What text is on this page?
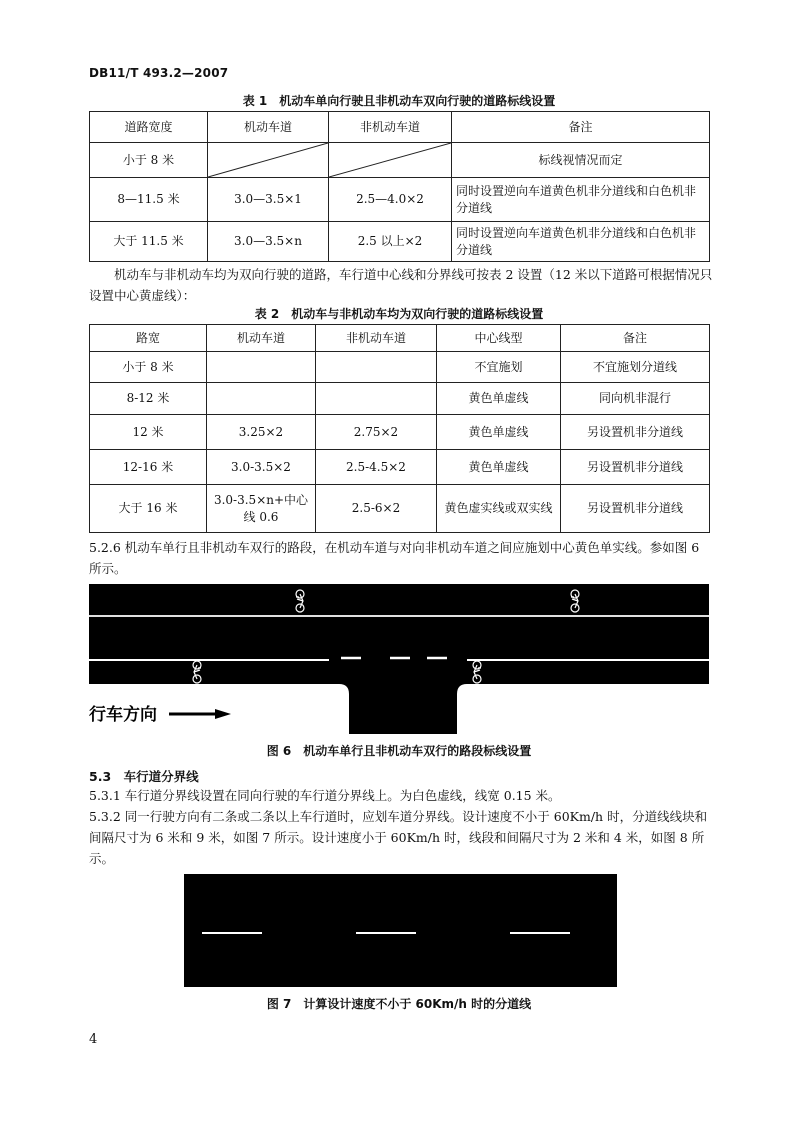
DB11/T 493.2—2007
表 1　机动车单向行驶且非机动车双向行驶的道路标线设置
道路宽度	机动车道	非机动车道	备注
小于 8 米			标线视情况而定
8—11.5 米	3.0—3.5×1	2.5—4.0×2	同时设置逆向车道黄色机非分道线和白色机非分道线
大于 11.5 米	3.0—3.5×n	2.5 以上×2	同时设置逆向车道黄色机非分道线和白色机非分道线
机动车与非机动车均为双向行驶的道路，车行道中心线和分界线可按表 2 设置（12 米以下道路可根据情况只设置中心黄虚线）：
表 2　机动车与非机动车均为双向行驶的道路标线设置
路宽	机动车道	非机动车道	中心线型	备注
小于 8 米			不宜施划	不宜施划分道线
8-12 米			黄色单虚线	同向机非混行
12 米	3.25×2	2.75×2	黄色单虚线	另设置机非分道线
12-16 米	3.0-3.5×2	2.5-4.5×2	黄色单虚线	另设置机非分道线
大于 16 米	3.0-3.5×n+中心线 0.6	2.5-6×2	黄色虚实线或双实线	另设置机非分道线
5.2.6 机动车单行且非机动车双行的路段，在机动车道与对向非机动车道之间应施划中心黄色单实线。参如图 6 所示。
行车方向
图 6　机动车单行且非机动车双行的路段标线设置
5.3　车行道分界线
5.3.1 车行道分界线设置在同向行驶的车行道分界线上。为白色虚线，线宽 0.15 米。
5.3.2 同一行驶方向有二条或二条以上车行道时，应划车道分界线。设计速度不小于 60Km/h 时，分道线线块和间隔尺寸为 6 米和 9 米，如图 7 所示。设计速度小于 60Km/h 时，线段和间隔尺寸为 2 米和 4 米，如图 8 所示。
图 7　计算设计速度不小于 60Km/h 时的分道线
4
